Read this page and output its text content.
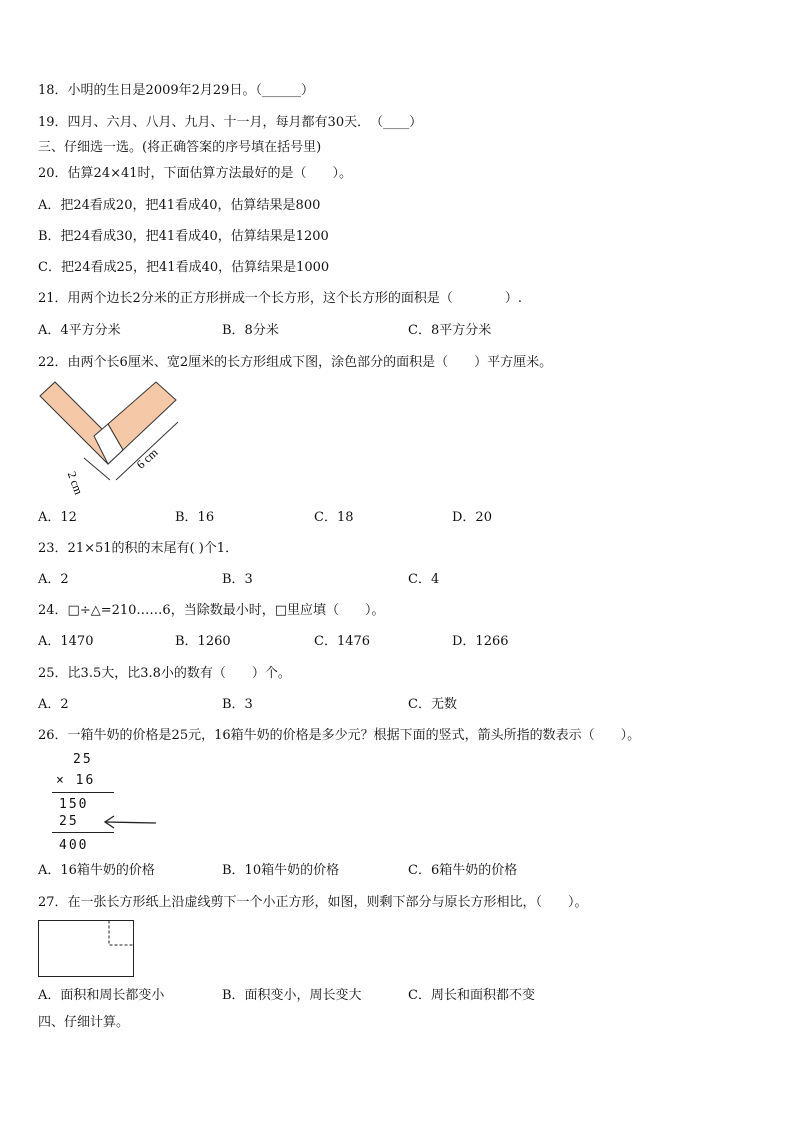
18．小明的生日是2009年2月29日。（______）
19．四月、六月、八月、九月、十一月，每月都有30天．　（____）
三、仔细选一选。(将正确答案的序号填在括号里)
20．估算24×41时，下面估算方法最好的是（　　）。
A．把24看成20，把41看成40，估算结果是800
B．把24看成30，把41看成40，估算结果是1200
C．把24看成25，把41看成40，估算结果是1000
21．用两个边长2分米的正方形拼成一个长方形，这个长方形的面积是（　　　　）.
A．4平方分米	B．8分米	C．8平方分米
22．由两个长6厘米、宽2厘米的长方形组成下图，涂色部分的面积是（　　）平方厘米。
2 cm
6 cm
A．12	B．16	C．18	D．20
23．21×51的积的末尾有( )个1．
A．2	B．3	C．4
24．□÷△=210……6，当除数最小时，□里应填（　　）。
A．1470	B．1260	C．1476	D．1266
25．比3.5大，比3.8小的数有（　　）个。
A．2	B．3	C．无数
26．一箱牛奶的价格是25元，16箱牛奶的价格是多少元？根据下面的竖式，箭头所指的数表示（　　）。
25
× 16
150
25
400
A．16箱牛奶的价格	B．10箱牛奶的价格	C．6箱牛奶的价格
27．在一张长方形纸上沿虚线剪下一个小正方形，如图，则剩下部分与原长方形相比，（　　）。
A．面积和周长都变小	B．面积变小，周长变大	C．周长和面积都不变
四、仔细计算。
